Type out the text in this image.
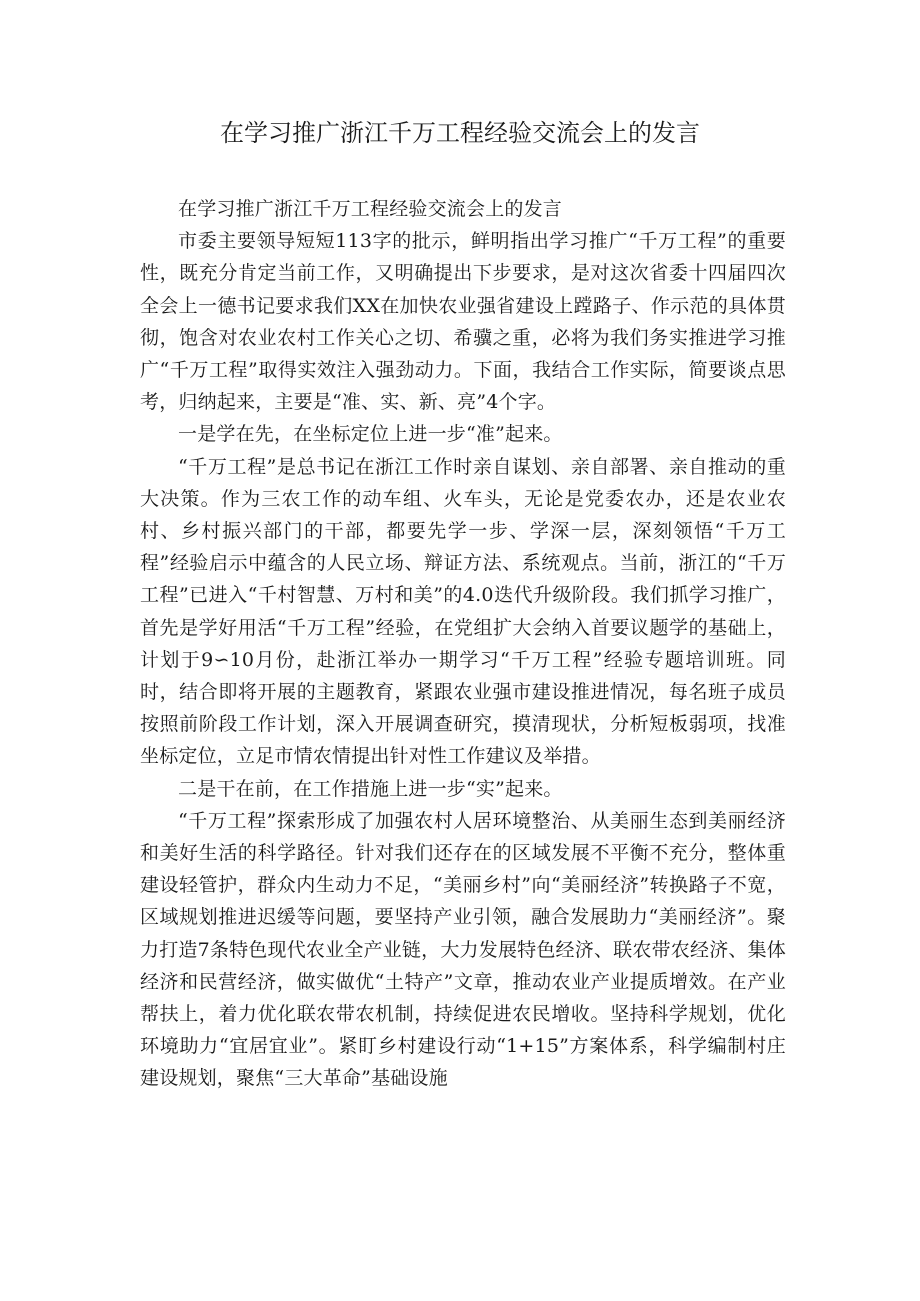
在学习推广浙江千万工程经验交流会上的发言

在学习推广浙江千万工程经验交流会上的发言

市委主要领导短短113字的批示，鲜明指出学习推广“千万工程”的重要性，既充分肯定当前工作，又明确提出下步要求，是对这次省委十四届四次全会上一德书记要求我们XX在加快农业强省建设上蹚路子、作示范的具体贯彻，饱含对农业农村工作关心之切、希骥之重，必将为我们务实推进学习推广“千万工程”取得实效注入强劲动力。下面，我结合工作实际，简要谈点思考，归纳起来，主要是“准、实、新、亮”4个字。

一是学在先，在坐标定位上进一步“准”起来。

“千万工程”是总书记在浙江工作时亲自谋划、亲自部署、亲自推动的重大决策。作为三农工作的动车组、火车头，无论是党委农办，还是农业农村、乡村振兴部门的干部，都要先学一步、学深一层，深刻领悟“千万工程”经验启示中蕴含的人民立场、辩证方法、系统观点。当前，浙江的“千万工程”已进入“千村智慧、万村和美”的4.0迭代升级阶段。我们抓学习推广，首先是学好用活“千万工程”经验，在党组扩大会纳入首要议题学的基础上，计划于9∽10月份，赴浙江举办一期学习“千万工程”经验专题培训班。同时，结合即将开展的主题教育，紧跟农业强市建设推进情况，每名班子成员按照前阶段工作计划，深入开展调查研究，摸清现状，分析短板弱项，找准坐标定位，立足市情农情提出针对性工作建议及举措。

二是干在前，在工作措施上进一步“实”起来。

“千万工程”探索形成了加强农村人居环境整治、从美丽生态到美丽经济和美好生活的科学路径。针对我们还存在的区域发展不平衡不充分，整体重建设轻管护，群众内生动力不足，“美丽乡村”向“美丽经济”转换路子不宽，区域规划推进迟缓等问题，要坚持产业引领，融合发展助力“美丽经济”。聚力打造7条特色现代农业全产业链，大力发展特色经济、联农带农经济、集体经济和民营经济，做实做优“土特产”文章，推动农业产业提质增效。在产业帮扶上，着力优化联农带农机制，持续促进农民增收。坚持科学规划，优化环境助力“宜居宜业”。紧盯乡村建设行动“1+15”方案体系，科学编制村庄建设规划，聚焦“三大革命”基础设施
